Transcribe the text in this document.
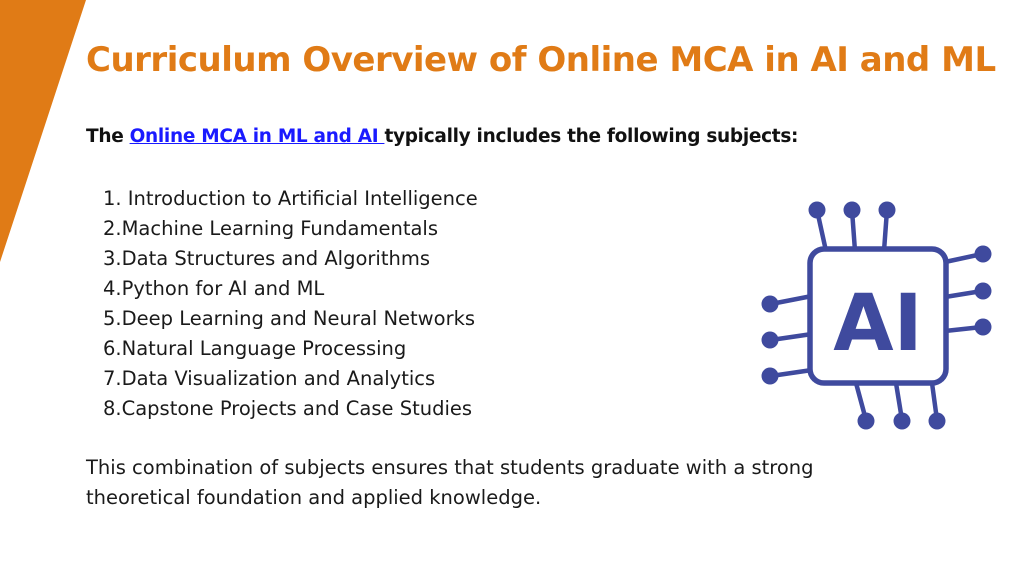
Curriculum Overview of Online MCA in AI and ML
The Online MCA in ML and AI typically includes the following subjects:
1. Introduction to Artificial Intelligence
2.Machine Learning Fundamentals
3.Data Structures and Algorithms
4.Python for AI and ML
5.Deep Learning and Neural Networks
6.Natural Language Processing
7.Data Visualization and Analytics
8.Capstone Projects and Case Studies

This combination of subjects ensures that students graduate with a strong theoretical foundation and applied knowledge.

AI
